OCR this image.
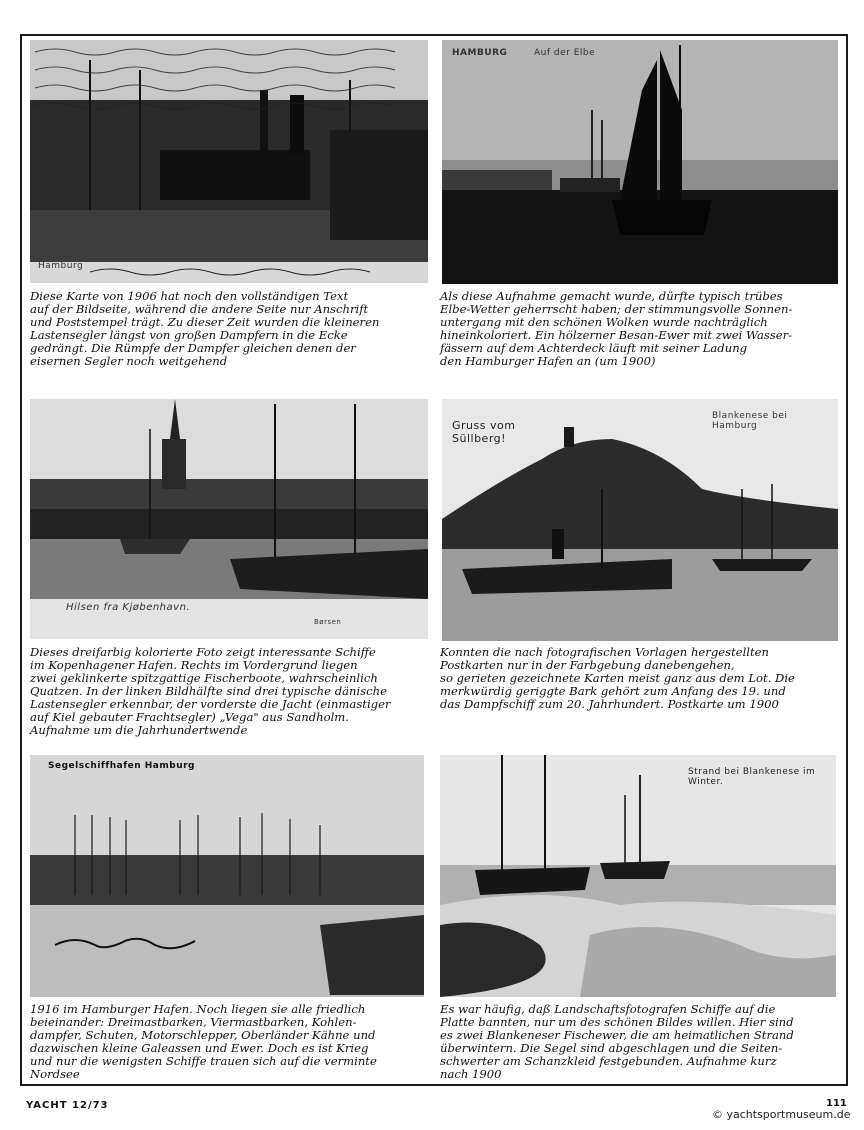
Hamburg

Diese Karte von 1906 hat noch den vollständigen Text
auf der Bildseite, während die andere Seite nur Anschrift
und Poststempel trägt. Zu dieser Zeit wurden die kleineren
Lastensegler längst von großen Dampfern in die Ecke
gedrängt. Die Rümpfe der Dampfer gleichen denen der
eisernen Segler noch weitgehend

HAMBURG	Auf der Elbe

Als diese Aufnahme gemacht wurde, dürfte typisch trübes
Elbe-Wetter geherrscht haben; der stimmungsvolle Sonnen-
untergang mit den schönen Wolken wurde nachträglich
hineinkoloriert. Ein hölzerner Besan-Ewer mit zwei Wasser-
fässern auf dem Achterdeck läuft mit seiner Ladung
den Hamburger Hafen an (um 1900)

Hilsen fra Kjøbenhavn.
Børsen

Dieses dreifarbig kolorierte Foto zeigt interessante Schiffe
im Kopenhagener Hafen. Rechts im Vordergrund liegen
zwei geklinkerte spitzgattige Fischerboote, wahrscheinlich
Quatzen. In der linken Bildhälfte sind drei typische dänische
Lastensegler erkennbar, der vorderste die Jacht (einmastiger
auf Kiel gebauter Frachtsegler) „Vega" aus Sandholm.
Aufnahme um die Jahrhundertwende

Gruss vom Süllberg!
Blankenese bei Hamburg

Konnten die nach fotografischen Vorlagen hergestellten
Postkarten nur in der Farbgebung danebengehen,
so gerieten gezeichnete Karten meist ganz aus dem Lot. Die
merkwürdig geriggte Bark gehört zum Anfang des 19. und
das Dampfschiff zum 20. Jahrhundert. Postkarte um 1900

Segelschiffhafen Hamburg

1916 im Hamburger Hafen. Noch liegen sie alle friedlich
beieinander: Dreimastbarken, Viermastbarken, Kohlen-
dampfer, Schuten, Motorschlepper, Oberländer Kähne und
dazwischen kleine Galeassen und Ewer. Doch es ist Krieg
und nur die wenigsten Schiffe trauen sich auf die verminte
Nordsee

Strand bei Blankenese im Winter.

Es war häufig, daß Landschaftsfotografen Schiffe auf die
Platte bannten, nur um des schönen Bildes willen. Hier sind
es zwei Blankeneser Fischewer, die am heimatlichen Strand
überwintern. Die Segel sind abgeschlagen und die Seiten-
schwerter am Schanzkleid festgebunden. Aufnahme kurz
nach 1900

YACHT 12/73	111
© yachtsportmuseum.de
